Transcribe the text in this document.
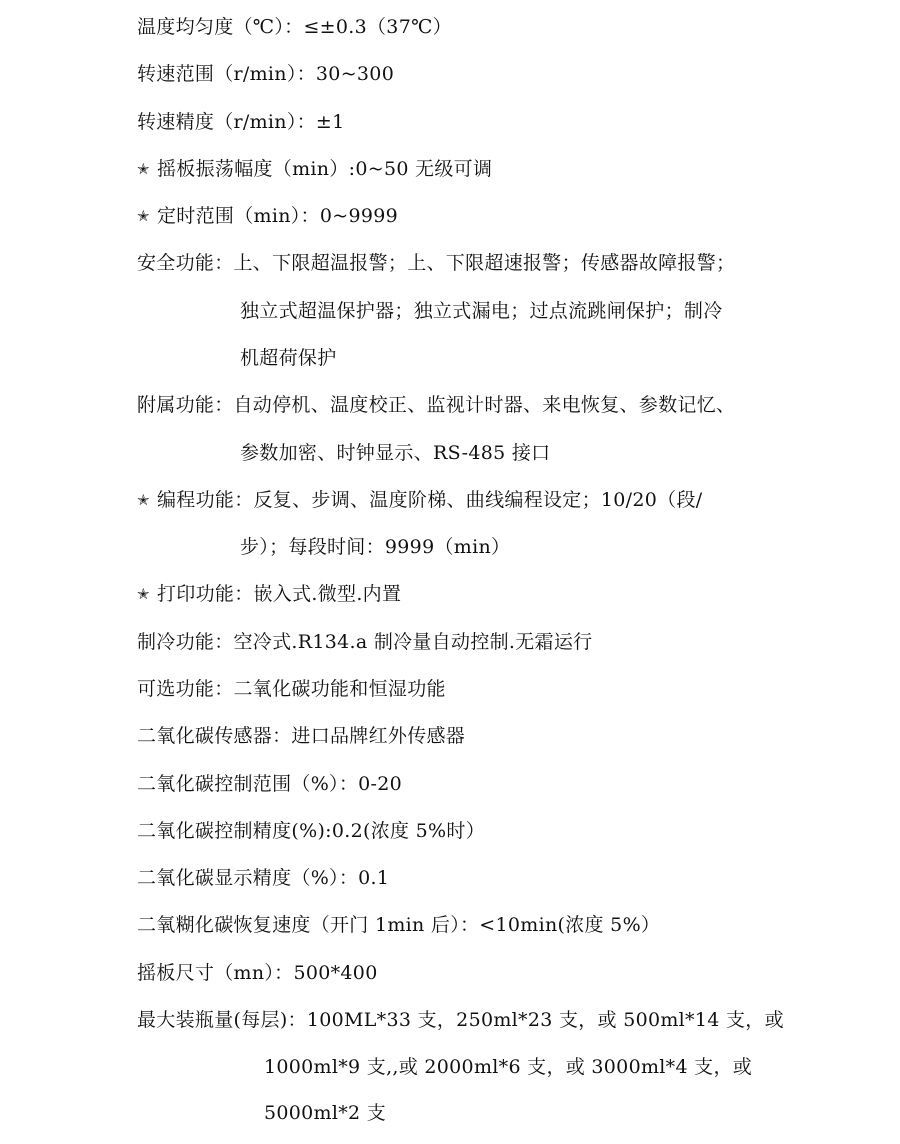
温度均匀度（℃）：≤±0.3（37℃）
转速范围（r/min）：30~300
转速精度（r/min）：±1
✭ 摇板振荡幅度（min）:0~50 无级可调
✭ 定时范围（min）：0~9999
安全功能：上、下限超温报警；上、下限超速报警；传感器故障报警；
独立式超温保护器；独立式漏电；过点流跳闸保护；制冷
机超荷保护
附属功能：自动停机、温度校正、监视计时器、来电恢复、参数记忆、
参数加密、时钟显示、RS-485 接口
✭ 编程功能：反复、步调、温度阶梯、曲线编程设定；10/20（段/
步）；每段时间：9999（min）
✭ 打印功能：嵌入式.微型.内置
制冷功能：空冷式.R134.a 制冷量自动控制.无霜运行
可选功能：二氧化碳功能和恒湿功能
二氧化碳传感器：进口品牌红外传感器
二氧化碳控制范围（%）：0-20
二氧化碳控制精度(%):0.2(浓度 5%时）
二氧化碳显示精度（%）：0.1
二氧糊化碳恢复速度（开门 1min 后）：<10min(浓度 5%）
摇板尺寸（mn）：500*400
最大装瓶量(每层)：100ML*33 支，250ml*23 支，或 500ml*14 支，或
1000ml*9 支,,或 2000ml*6 支，或 3000ml*4 支，或
5000ml*2 支
